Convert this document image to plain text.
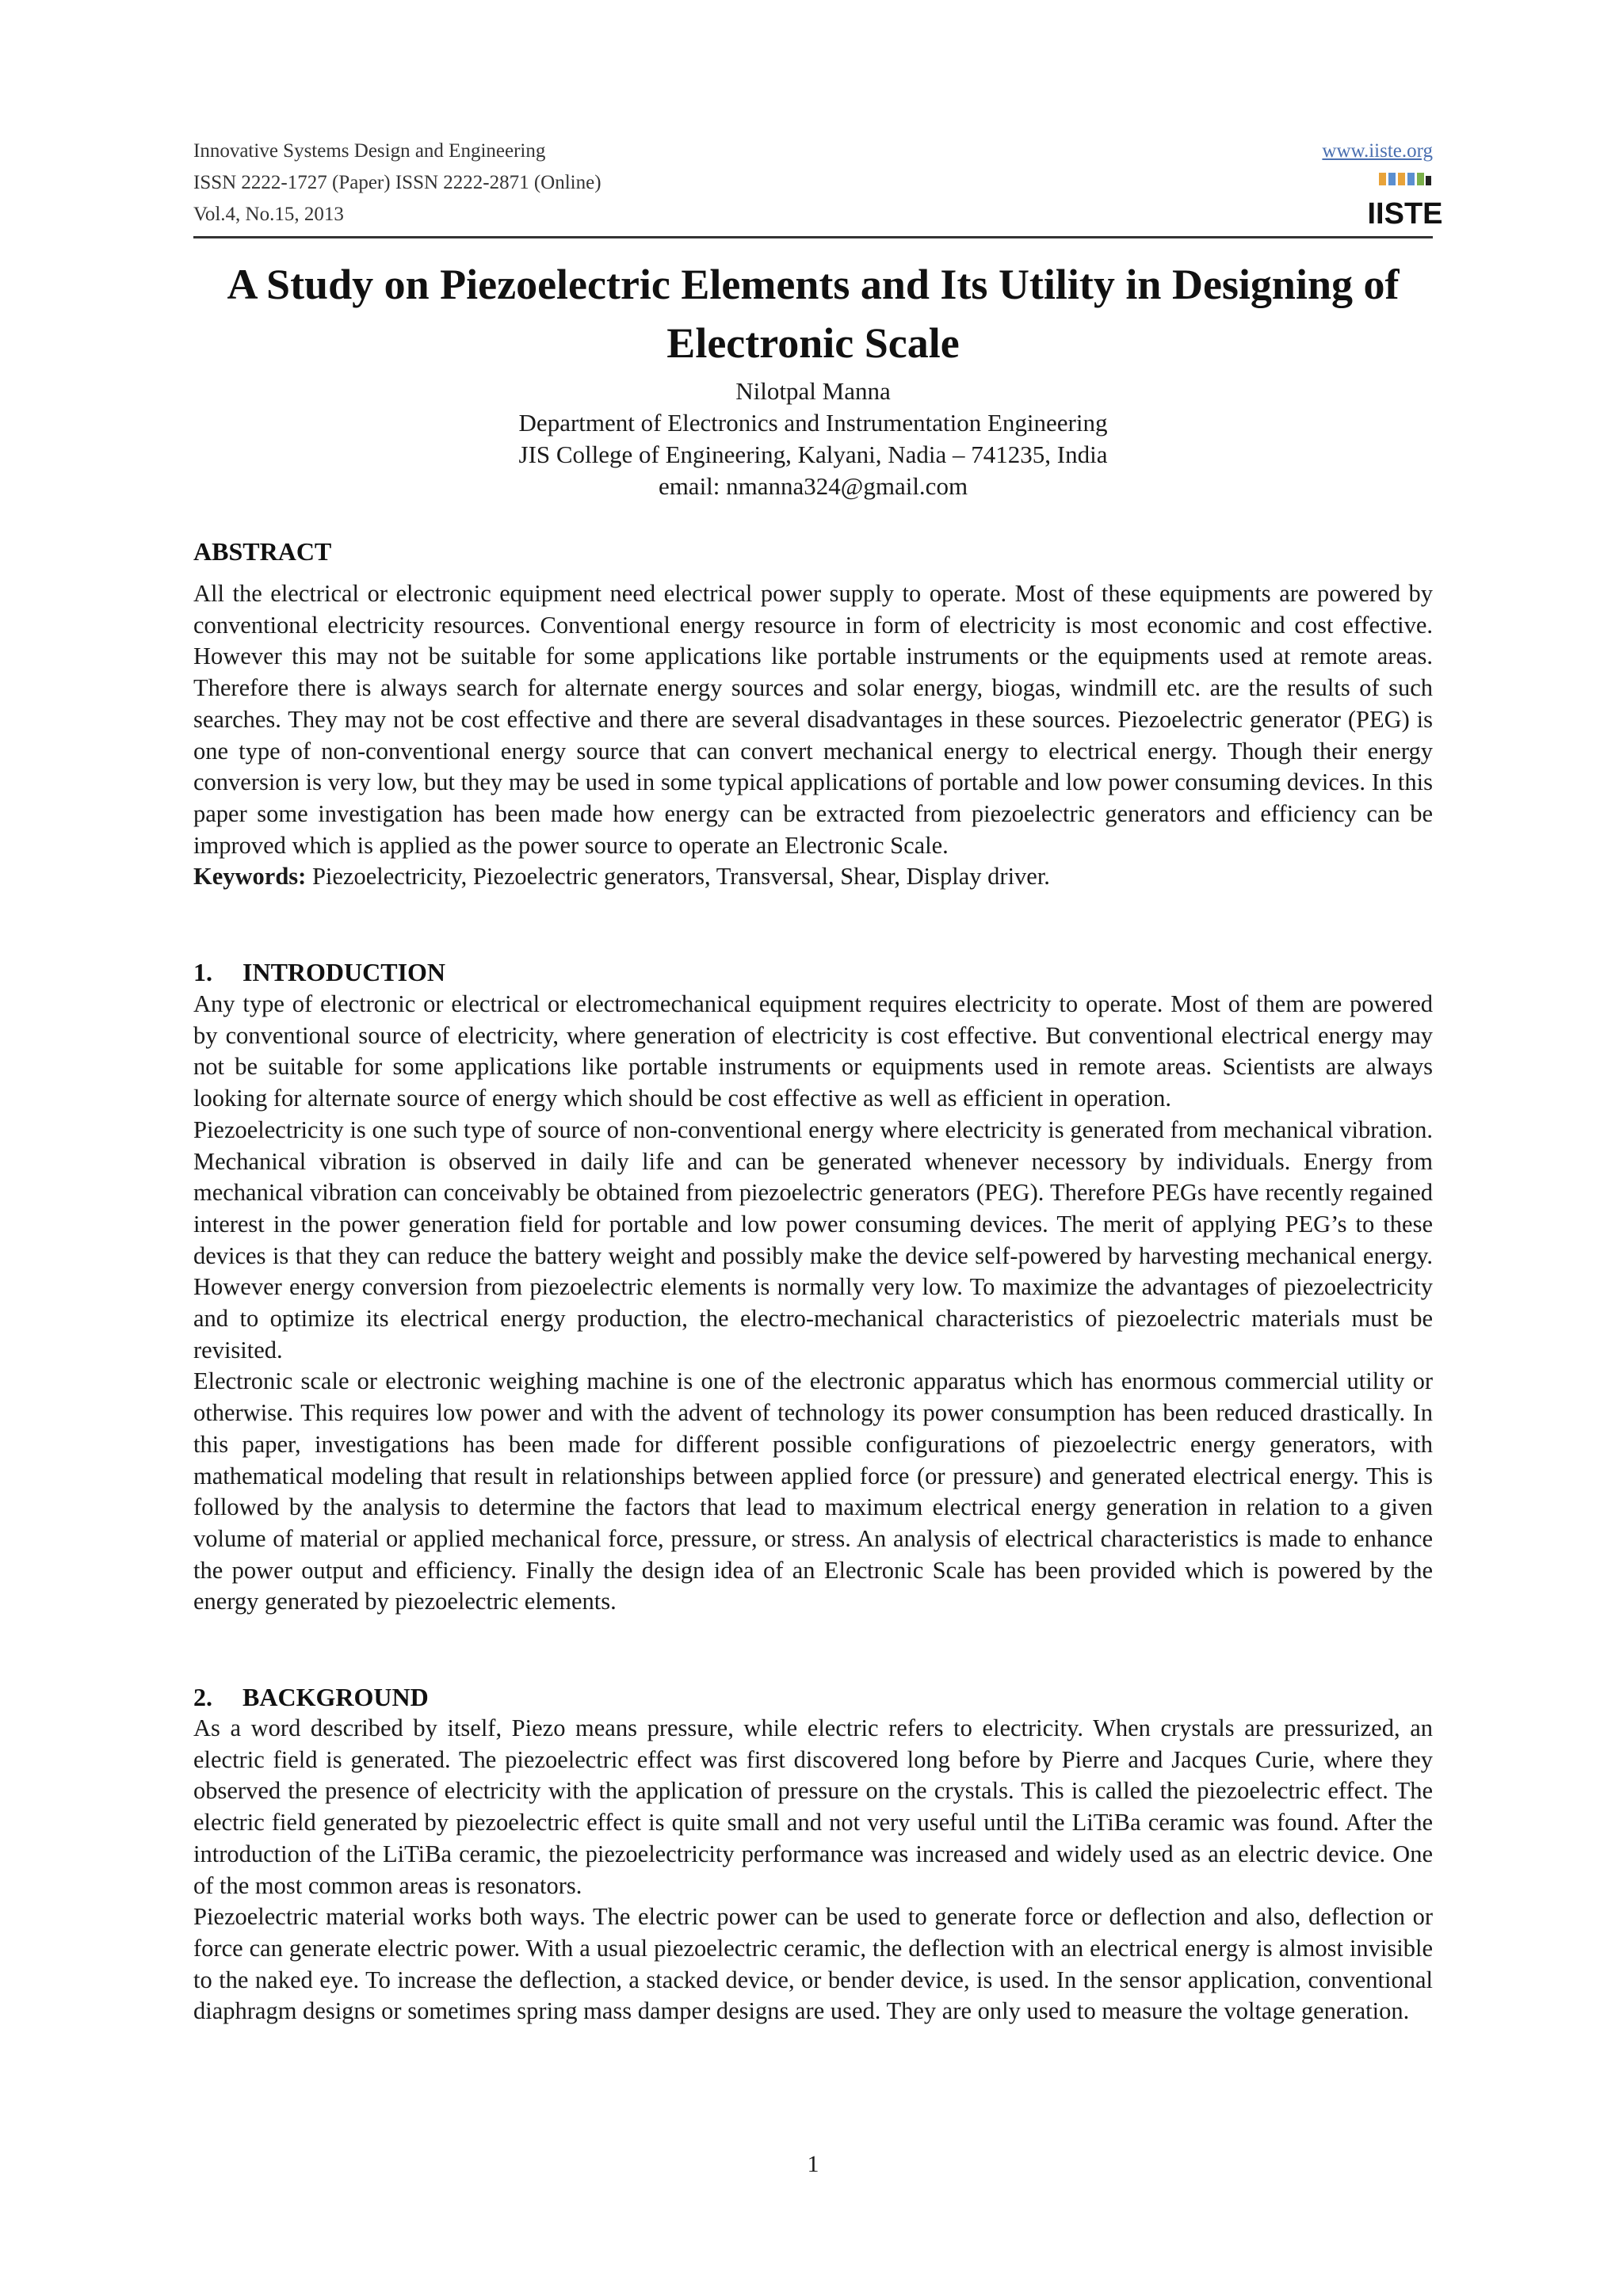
Innovative Systems Design and Engineering
ISSN 2222-1727 (Paper) ISSN 2222-2871 (Online)
Vol.4, No.15, 2013
www.iiste.org
IISTE
A Study on Piezoelectric Elements and Its Utility in Designing of Electronic Scale
Nilotpal Manna
Department of Electronics and Instrumentation Engineering
JIS College of Engineering, Kalyani, Nadia – 741235, India
email: nmanna324@gmail.com
ABSTRACT

All the electrical or electronic equipment need electrical power supply to operate. Most of these equipments are powered by conventional electricity resources. Conventional energy resource in form of electricity is most economic and cost effective. However this may not be suitable for some applications like portable instruments or the equipments used at remote areas. Therefore there is always search for alternate energy sources and solar energy, biogas, windmill etc. are the results of such searches. They may not be cost effective and there are several disadvantages in these sources. Piezoelectric generator (PEG) is one type of non-conventional energy source that can convert mechanical energy to electrical energy. Though their energy conversion is very low, but they may be used in some typical applications of portable and low power consuming devices. In this paper some investigation has been made how energy can be extracted from piezoelectric generators and efficiency can be improved which is applied as the power source to operate an Electronic Scale.

Keywords: Piezoelectricity, Piezoelectric generators, Transversal, Shear, Display driver.

1. INTRODUCTION

Any type of electronic or electrical or electromechanical equipment requires electricity to operate. Most of them are powered by conventional source of electricity, where generation of electricity is cost effective. But conventional electrical energy may not be suitable for some applications like portable instruments or equipments used in remote areas. Scientists are always looking for alternate source of energy which should be cost effective as well as efficient in operation.

Piezoelectricity is one such type of source of non-conventional energy where electricity is generated from mechanical vibration. Mechanical vibration is observed in daily life and can be generated whenever necessory by individuals. Energy from mechanical vibration can conceivably be obtained from piezoelectric generators (PEG). Therefore PEGs have recently regained interest in the power generation field for portable and low power consuming devices. The merit of applying PEG’s to these devices is that they can reduce the battery weight and possibly make the device self-powered by harvesting mechanical energy. However energy conversion from piezoelectric elements is normally very low. To maximize the advantages of piezoelectricity and to optimize its electrical energy production, the electro-mechanical characteristics of piezoelectric materials must be revisited.

Electronic scale or electronic weighing machine is one of the electronic apparatus which has enormous commercial utility or otherwise. This requires low power and with the advent of technology its power consumption has been reduced drastically. In this paper, investigations has been made for different possible configurations of piezoelectric energy generators, with mathematical modeling that result in relationships between applied force (or pressure) and generated electrical energy. This is followed by the analysis to determine the factors that lead to maximum electrical energy generation in relation to a given volume of material or applied mechanical force, pressure, or stress. An analysis of electrical characteristics is made to enhance the power output and efficiency. Finally the design idea of an Electronic Scale has been provided which is powered by the energy generated by piezoelectric elements.

2. BACKGROUND

As a word described by itself, Piezo means pressure, while electric refers to electricity. When crystals are pressurized, an electric field is generated. The piezoelectric effect was first discovered long before by Pierre and Jacques Curie, where they observed the presence of electricity with the application of pressure on the crystals. This is called the piezoelectric effect. The electric field generated by piezoelectric effect is quite small and not very useful until the LiTiBa ceramic was found. After the introduction of the LiTiBa ceramic, the piezoelectricity performance was increased and widely used as an electric device. One of the most common areas is resonators.

Piezoelectric material works both ways. The electric power can be used to generate force or deflection and also, deflection or force can generate electric power. With a usual piezoelectric ceramic, the deflection with an electrical energy is almost invisible to the naked eye. To increase the deflection, a stacked device, or bender device, is used. In the sensor application, conventional diaphragm designs or sometimes spring mass damper designs are used. They are only used to measure the voltage generation.

1
